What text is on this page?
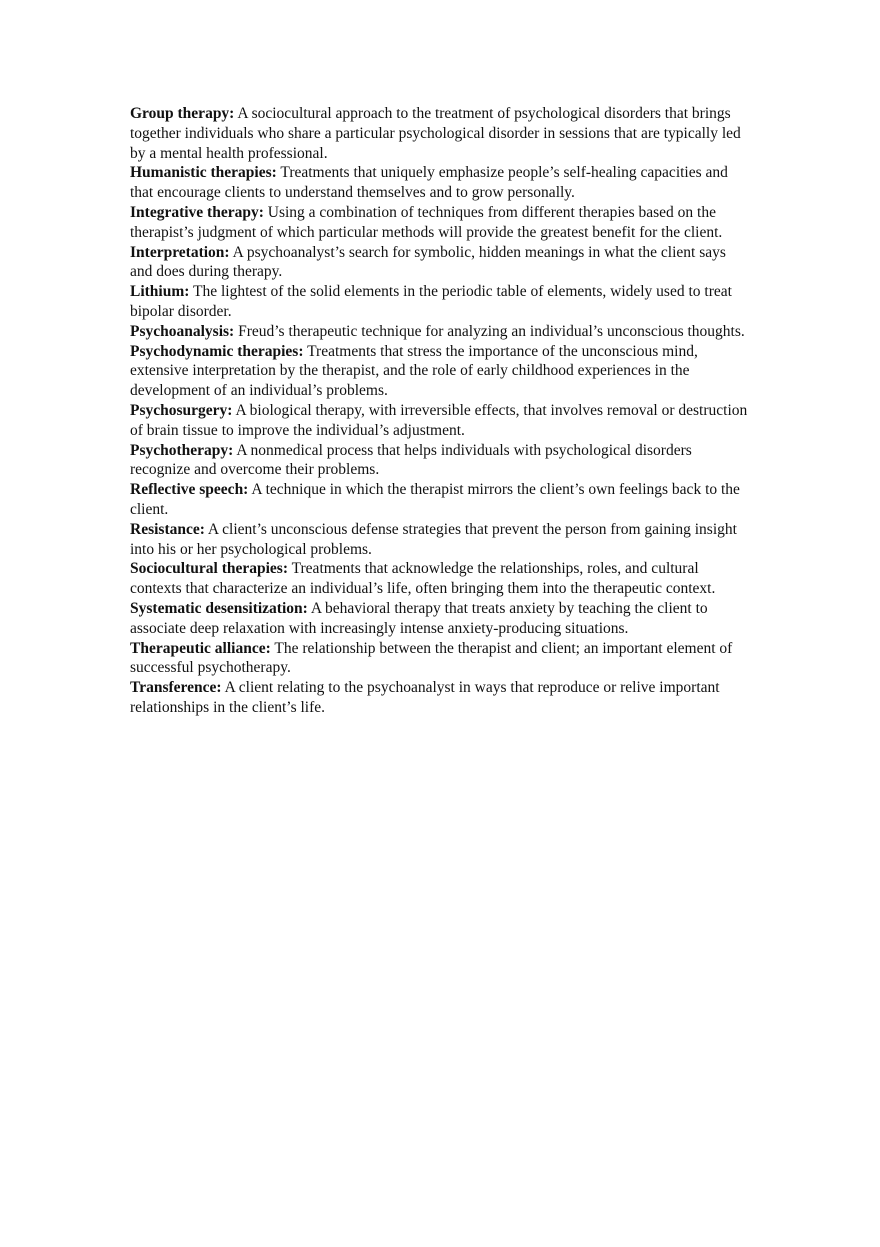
Group therapy: A sociocultural approach to the treatment of psychological disorders that brings together individuals who share a particular psychological disorder in sessions that are typically led by a mental health professional.

Humanistic therapies: Treatments that uniquely emphasize people’s self-healing capacities and that encourage clients to understand themselves and to grow personally.

Integrative therapy: Using a combination of techniques from different therapies based on the therapist’s judgment of which particular methods will provide the greatest benefit for the client.

Interpretation: A psychoanalyst’s search for symbolic, hidden meanings in what the client says and does during therapy.

Lithium: The lightest of the solid elements in the periodic table of elements, widely used to treat bipolar disorder.

Psychoanalysis: Freud’s therapeutic technique for analyzing an individual’s unconscious thoughts.

Psychodynamic therapies: Treatments that stress the importance of the unconscious mind, extensive interpretation by the therapist, and the role of early childhood experiences in the development of an individual’s problems.

Psychosurgery: A biological therapy, with irreversible effects, that involves removal or destruction of brain tissue to improve the individual’s adjustment.

Psychotherapy: A nonmedical process that helps individuals with psychological disorders recognize and overcome their problems.

Reflective speech: A technique in which the therapist mirrors the client’s own feelings back to the client.

Resistance: A client’s unconscious defense strategies that prevent the person from gaining insight into his or her psychological problems.

Sociocultural therapies: Treatments that acknowledge the relationships, roles, and cultural contexts that characterize an individual’s life, often bringing them into the therapeutic context.

Systematic desensitization: A behavioral therapy that treats anxiety by teaching the client to associate deep relaxation with increasingly intense anxiety-producing situations.

Therapeutic alliance: The relationship between the therapist and client; an important element of successful psychotherapy.

Transference: A client relating to the psychoanalyst in ways that reproduce or relive important relationships in the client’s life.
